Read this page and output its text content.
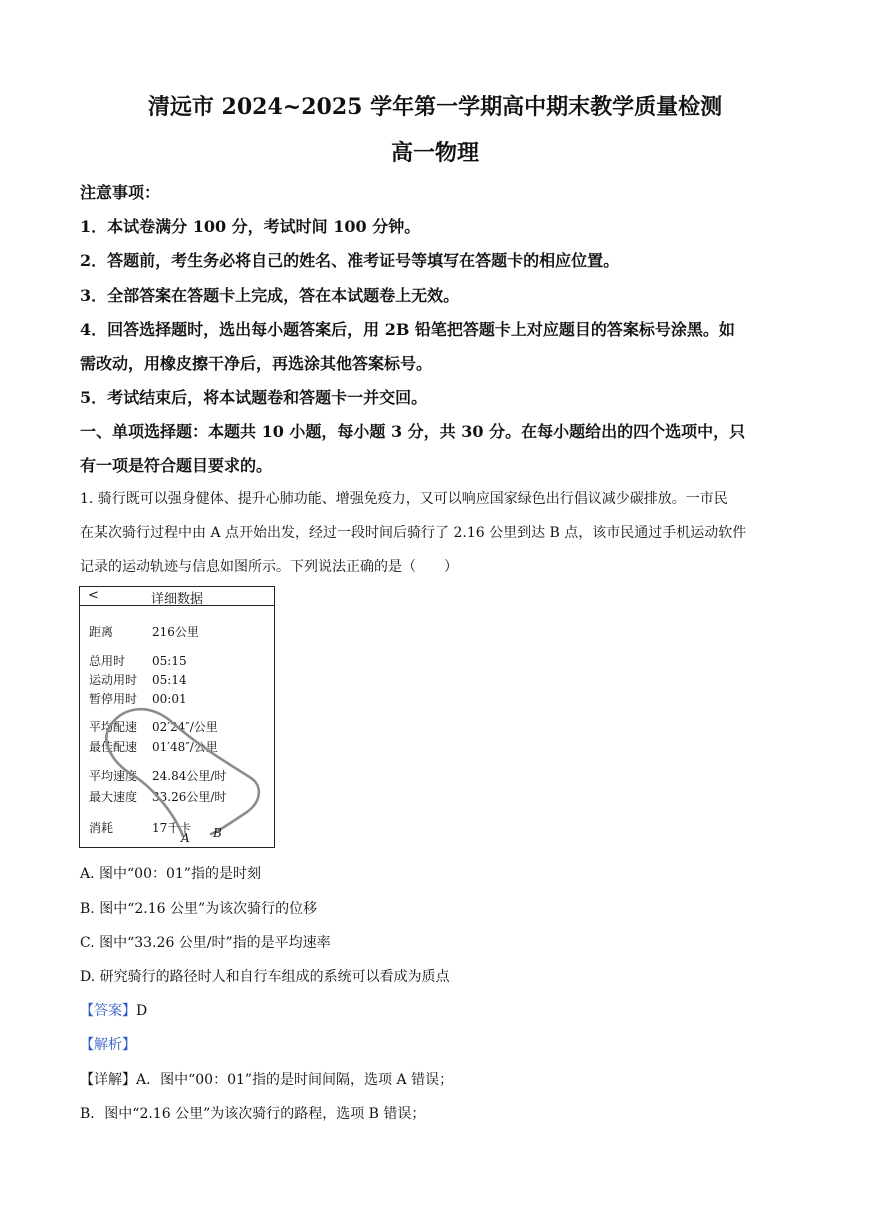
清远市 2024~2025 学年第一学期高中期末教学质量检测
高一物理
注意事项：
1．本试卷满分 100 分，考试时间 100 分钟。
2．答题前，考生务必将自己的姓名、准考证号等填写在答题卡的相应位置。
3．全部答案在答题卡上完成，答在本试题卷上无效。
4．回答选择题时，选出每小题答案后，用 2B 铅笔把答题卡上对应题目的答案标号涂黑。如
需改动，用橡皮擦干净后，再选涂其他答案标号。
5．考试结束后，将本试题卷和答题卡一并交回。
一、单项选择题：本题共 10 小题，每小题 3 分，共 30 分。在每小题给出的四个选项中，只
有一项是符合题目要求的。
1. 骑行既可以强身健体、提升心肺功能、增强免疫力，又可以响应国家绿色出行倡议减少碳排放。一市民
在某次骑行过程中由 A 点开始出发，经过一段时间后骑行了 2.16 公里到达 B 点，该市民通过手机运动软件
记录的运动轨迹与信息如图所示。下列说法正确的是（　　）
<	详细数据
距离	216公里
总用时 05:15
运动用时 05:14
暂停用时 00:01
平均配速 02′24″/公里
最佳配速 01′48″/公里
平均速度 24.84公里/时
最大速度 33.26公里/时
消耗	17千卡
A B
A. 图中“00：01”指的是时刻
B. 图中“2.16 公里”为该次骑行的位移
C. 图中“33.26 公里/时”指的是平均速率
D. 研究骑行的路径时人和自行车组成的系统可以看成为质点
【答案】D
【解析】
【详解】A．图中“00：01”指的是时间间隔，选项 A 错误；
B．图中“2.16 公里”为该次骑行的路程，选项 B 错误；
